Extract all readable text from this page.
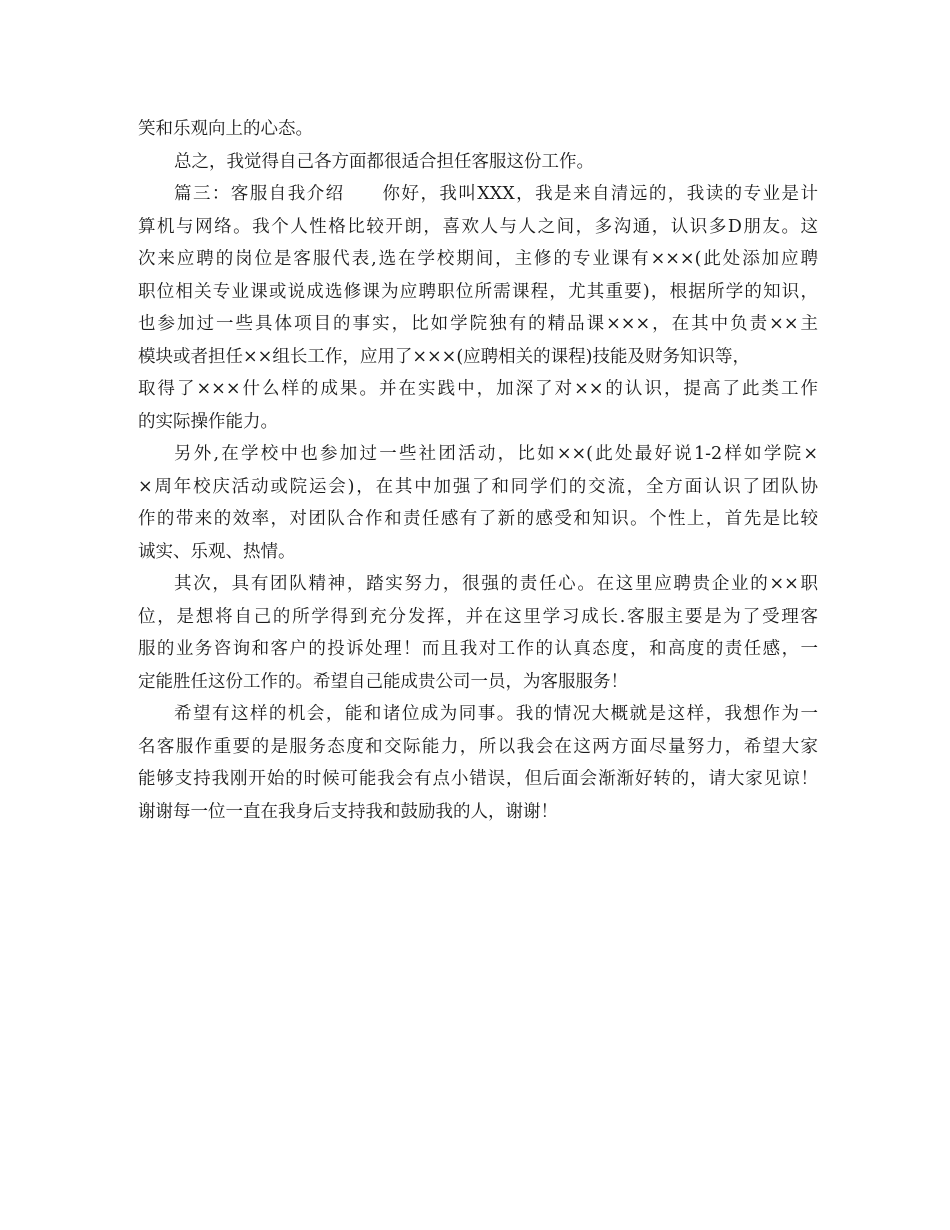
笑和乐观向上的心态。
总之，我觉得自己各方面都很适合担任客服这份工作。
篇三：客服自我介绍　　你好，我叫XXX，我是来自清远的，我读的专业是计
算机与网络。我个人性格比较开朗，喜欢人与人之间，多沟通，认识多D朋友。这
次来应聘的岗位是客服代表,选在学校期间，主修的专业课有×××(此处添加应聘
职位相关专业课或说成选修课为应聘职位所需课程，尤其重要)，根据所学的知识，
也参加过一些具体项目的事实，比如学院独有的精品课×××，在其中负责××主
模块或者担任××组长工作，应用了×××(应聘相关的课程)技能及财务知识等，
取得了×××什么样的成果。并在实践中，加深了对××的认识，提高了此类工作
的实际操作能力。
另外,在学校中也参加过一些社团活动，比如××(此处最好说1-2样如学院×
×周年校庆活动或院运会)，在其中加强了和同学们的交流，全方面认识了团队协
作的带来的效率，对团队合作和责任感有了新的感受和知识。个性上，首先是比较
诚实、乐观、热情。
其次，具有团队精神，踏实努力，很强的责任心。在这里应聘贵企业的××职
位，是想将自己的所学得到充分发挥，并在这里学习成长.客服主要是为了受理客
服的业务咨询和客户的投诉处理！而且我对工作的认真态度，和高度的责任感，一
定能胜任这份工作的。希望自己能成贵公司一员，为客服服务！
希望有这样的机会，能和诸位成为同事。我的情况大概就是这样，我想作为一
名客服作重要的是服务态度和交际能力，所以我会在这两方面尽量努力，希望大家
能够支持我刚开始的时候可能我会有点小错误，但后面会渐渐好转的，请大家见谅！
谢谢每一位一直在我身后支持我和鼓励我的人，谢谢！
